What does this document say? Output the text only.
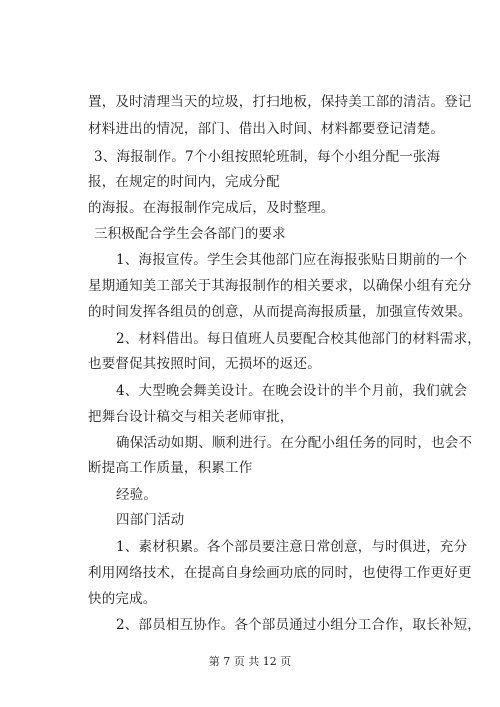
置，及时清理当天的垃圾，打扫地板，保持美工部的清洁。登记
材料进出的情况，部门、借出入时间、材料都要登记清楚。
3、海报制作。7个小组按照轮班制，每个小组分配一张海
报，在规定的时间内，完成分配
的海报。在海报制作完成后，及时整理。
三积极配合学生会各部门的要求
1、海报宣传。学生会其他部门应在海报张贴日期前的一个
星期通知美工部关于其海报制作的相关要求，以确保小组有充分
的时间发挥各组员的创意，从而提高海报质量，加强宣传效果。
2、材料借出。每日值班人员要配合校其他部门的材料需求，
也要督促其按照时间，无损坏的返还。
4、大型晚会舞美设计。在晚会设计的半个月前，我们就会
把舞台设计稿交与相关老师审批，
确保活动如期、顺利进行。在分配小组任务的同时，也会不
断提高工作质量，积累工作
经验。
四部门活动
1、素材积累。各个部员要注意日常创意，与时俱进，充分
利用网络技术，在提高自身绘画功底的同时，也使得工作更好更
快的完成。
2、部员相互协作。各个部员通过小组分工合作，取长补短，
第 7 页 共 12 页
